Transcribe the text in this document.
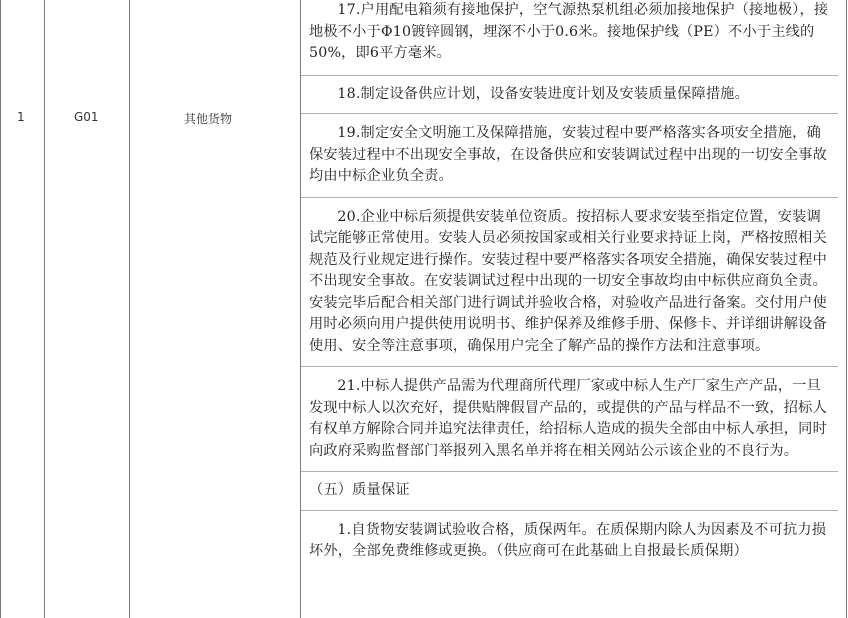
1	G01	其他货物

17.户用配电箱须有接地保护，空气源热泵机组必须加接地保护（接地极），接地极不小于Φ10镀锌圆钢，埋深不小于0.6米。接地保护线（PE）不小于主线的50%，即6平方毫米。

18.制定设备供应计划，设备安装进度计划及安装质量保障措施。

19.制定安全文明施工及保障措施，安装过程中要严格落实各项安全措施，确保安装过程中不出现安全事故，在设备供应和安装调试过程中出现的一切安全事故均由中标企业负全责。

20.企业中标后须提供安装单位资质。按招标人要求安装至指定位置，安装调试完能够正常使用。安装人员必须按国家或相关行业要求持证上岗，严格按照相关规范及行业规定进行操作。安装过程中要严格落实各项安全措施，确保安装过程中不出现安全事故。在安装调试过程中出现的一切安全事故均由中标供应商负全责。安装完毕后配合相关部门进行调试并验收合格，对验收产品进行备案。交付用户使用时必须向用户提供使用说明书、维护保养及维修手册、保修卡、并详细讲解设备使用、安全等注意事项，确保用户完全了解产品的操作方法和注意事项。

21.中标人提供产品需为代理商所代理厂家或中标人生产厂家生产产品，一旦发现中标人以次充好，提供贴牌假冒产品的，或提供的产品与样品不一致，招标人有权单方解除合同并追究法律责任，给招标人造成的损失全部由中标人承担，同时向政府采购监督部门举报列入黑名单并将在相关网站公示该企业的不良行为。

（五）质量保证

1.自货物安装调试验收合格，质保两年。在质保期内除人为因素及不可抗力损坏外，全部免费维修或更换。（供应商可在此基础上自报最长质保期）
